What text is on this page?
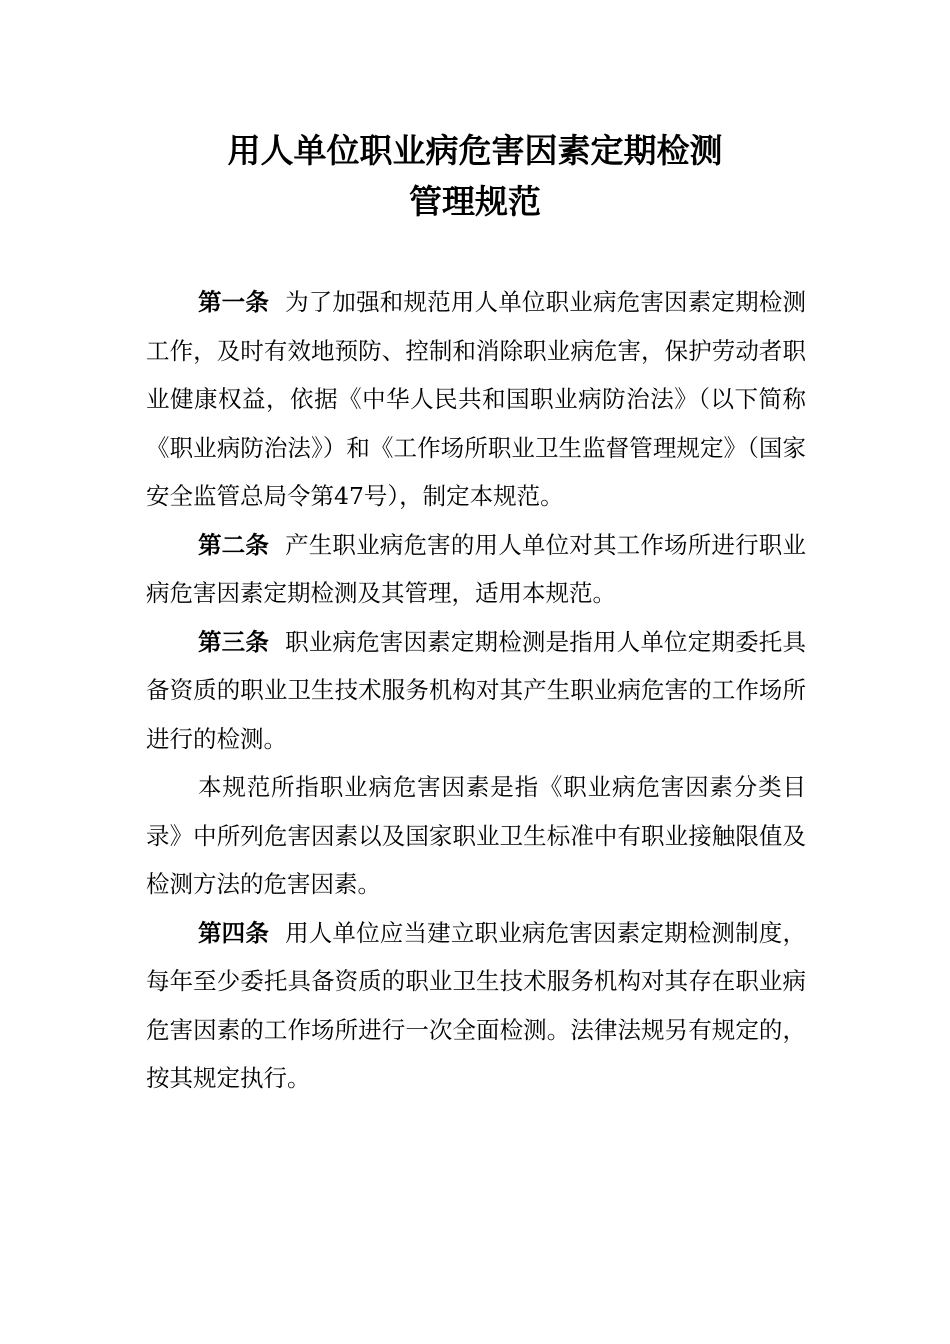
用人单位职业病危害因素定期检测
管理规范

第一条 为了加强和规范用人单位职业病危害因素定期检测工作，及时有效地预防、控制和消除职业病危害，保护劳动者职业健康权益，依据《中华人民共和国职业病防治法》（以下简称《职业病防治法》）和《工作场所职业卫生监督管理规定》（国家安全监管总局令第47号），制定本规范。

第二条 产生职业病危害的用人单位对其工作场所进行职业病危害因素定期检测及其管理，适用本规范。

第三条 职业病危害因素定期检测是指用人单位定期委托具备资质的职业卫生技术服务机构对其产生职业病危害的工作场所进行的检测。

本规范所指职业病危害因素是指《职业病危害因素分类目录》中所列危害因素以及国家职业卫生标准中有职业接触限值及检测方法的危害因素。

第四条 用人单位应当建立职业病危害因素定期检测制度，每年至少委托具备资质的职业卫生技术服务机构对其存在职业病危害因素的工作场所进行一次全面检测。法律法规另有规定的，按其规定执行。
